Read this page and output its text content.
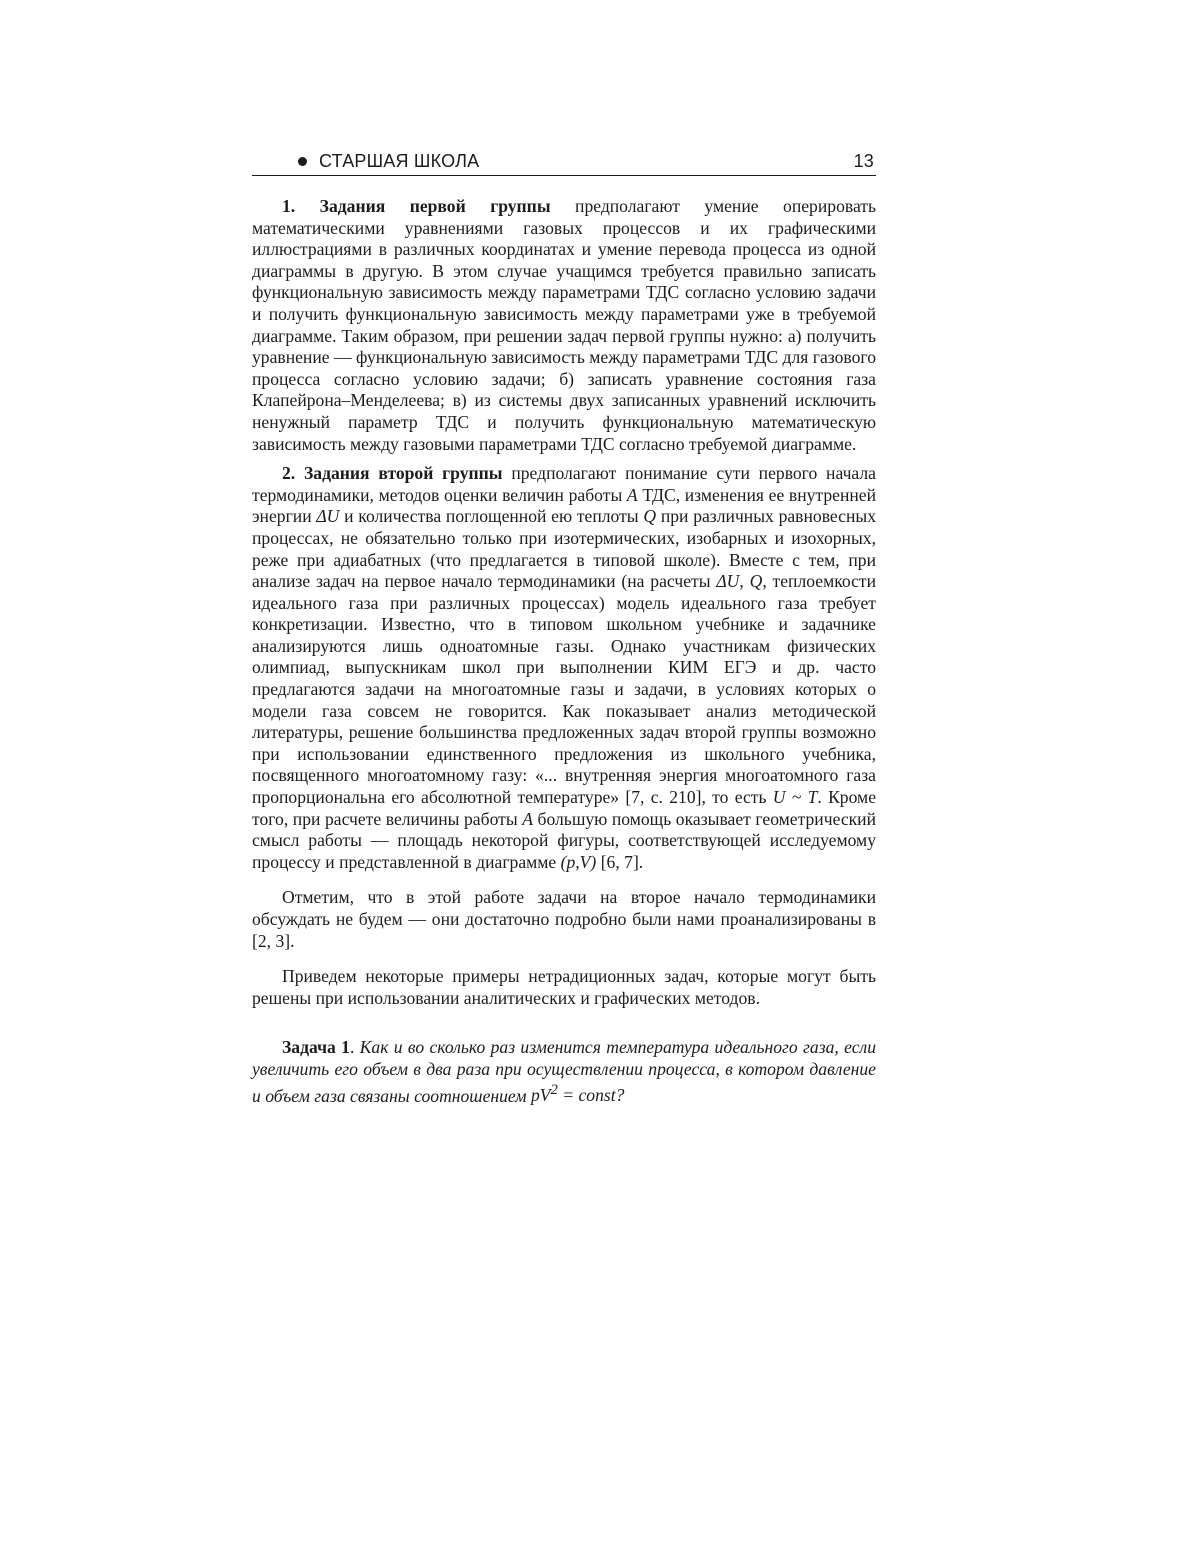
СТАРШАЯ ШКОЛА	13

1. Задания первой группы предполагают умение оперировать математическими уравнениями газовых процессов и их графическими иллюстрациями в различных координатах и умение перевода процесса из одной диаграммы в другую. В этом случае учащимся требуется правильно записать функциональную зависимость между параметрами ТДС согласно условию задачи и получить функциональную зависимость между параметрами уже в требуемой диаграмме. Таким образом, при решении задач первой группы нужно: а) получить уравнение — функциональную зависимость между параметрами ТДС для газового процесса согласно условию задачи; б) записать уравнение состояния газа Клапейрона–Менделеева; в) из системы двух записанных уравнений исключить ненужный параметр ТДС и получить функциональную математическую зависимость между газовыми параметрами ТДС согласно требуемой диаграмме.

2. Задания второй группы предполагают понимание сути первого начала термодинамики, методов оценки величин работы A ТДС, изменения ее внутренней энергии ΔU и количества поглощенной ею теплоты Q при различных равновесных процессах, не обязательно только при изотермических, изобарных и изохорных, реже при адиабатных (что предлагается в типовой школе). Вместе с тем, при анализе задач на первое начало термодинамики (на расчеты ΔU, Q, теплоемкости идеального газа при различных процессах) модель идеального газа требует конкретизации. Известно, что в типовом школьном учебнике и задачнике анализируются лишь одноатомные газы. Однако участникам физических олимпиад, выпускникам школ при выполнении КИМ ЕГЭ и др. часто предлагаются задачи на многоатомные газы и задачи, в условиях которых о модели газа совсем не говорится. Как показывает анализ методической литературы, решение большинства предложенных задач второй группы возможно при использовании единственного предложения из школьного учебника, посвященного многоатомному газу: «... внутренняя энергия многоатомного газа пропорциональна его абсолютной температуре» [7, с. 210], то есть U ~ T. Кроме того, при расчете величины работы A большую помощь оказывает геометрический смысл работы — площадь некоторой фигуры, соответствующей исследуемому процессу и представленной в диаграмме (p,V) [6, 7].

Отметим, что в этой работе задачи на второе начало термодинамики обсуждать не будем — они достаточно подробно были нами проанализированы в [2, 3].

Приведем некоторые примеры нетрадиционных задач, которые могут быть решены при использовании аналитических и графических методов.

Задача 1. Как и во сколько раз изменится температура идеального газа, если увеличить его объем в два раза при осуществлении процесса, в котором давление и объем газа связаны соотношением $pV^2$ = const?
